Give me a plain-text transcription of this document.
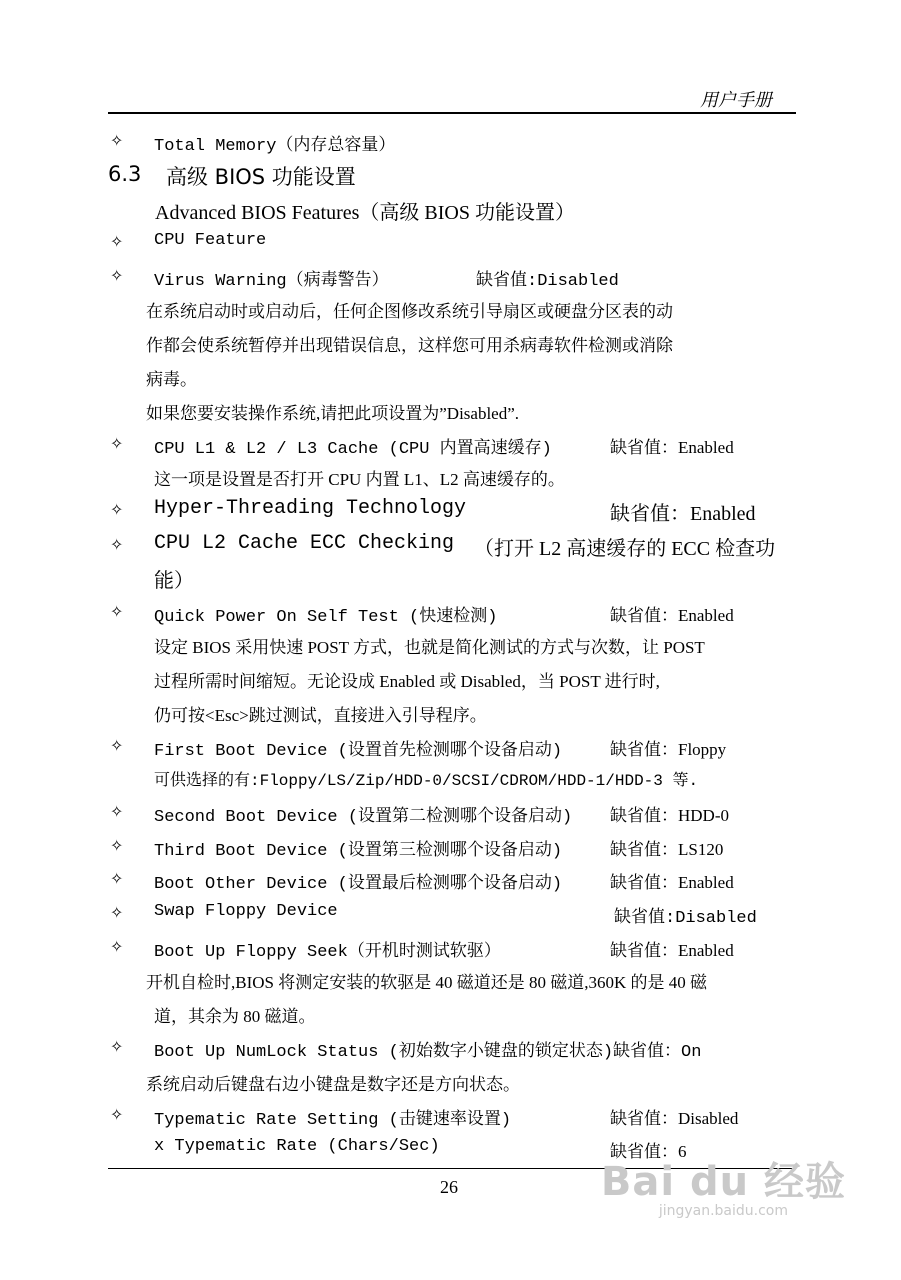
用户手册
✧ Total Memory（内存总容量）
6.3 高级 BIOS 功能设置
Advanced BIOS Features（高级 BIOS 功能设置）
✧ CPU Feature
✧ Virus Warning（病毒警告）	缺省值:Disabled
在系统启动时或启动后，任何企图修改系统引导扇区或硬盘分区表的动
作都会使系统暂停并出现错误信息，这样您可用杀病毒软件检测或消除
病毒。
如果您要安装操作系统,请把此项设置为”Disabled”.
✧ CPU L1 & L2 / L3 Cache (CPU 内置高速缓存)	缺省值：Enabled
这一项是设置是否打开 CPU 内置 L1、L2 高速缓存的。
✧ Hyper-Threading Technology	缺省值：Enabled
✧ CPU L2 Cache ECC Checking （打开 L2 高速缓存的 ECC 检查功
能）
✧ Quick Power On Self Test (快速检测)	缺省值：Enabled
设定 BIOS 采用快速 POST 方式，也就是简化测试的方式与次数，让 POST
过程所需时间缩短。无论设成 Enabled 或 Disabled，当 POST 进行时,
仍可按<Esc>跳过测试，直接进入引导程序。
✧ First Boot Device (设置首先检测哪个设备启动)	缺省值：Floppy
可供选择的有:Floppy/LS/Zip/HDD-0/SCSI/CDROM/HDD-1/HDD-3 等.
✧ Second Boot Device (设置第二检测哪个设备启动) 缺省值：HDD-0
✧ Third Boot Device (设置第三检测哪个设备启动)	缺省值：LS120
✧ Boot Other Device (设置最后检测哪个设备启动)	缺省值：Enabled
✧ Swap Floppy Device	缺省值:Disabled
✧ Boot Up Floppy Seek（开机时测试软驱）	缺省值：Enabled
开机自检时,BIOS 将测定安装的软驱是 40 磁道还是 80 磁道,360K 的是 40 磁
道，其余为 80 磁道。
✧ Boot Up NumLock Status (初始数字小键盘的锁定状态)缺省值：On
系统启动后键盘右边小键盘是数字还是方向状态。
✧ Typematic Rate Setting (击键速率设置)	缺省值：Disabled
x Typematic Rate (Chars/Sec)	缺省值：6
26	Bai du 经验
jingyan.baidu.com
